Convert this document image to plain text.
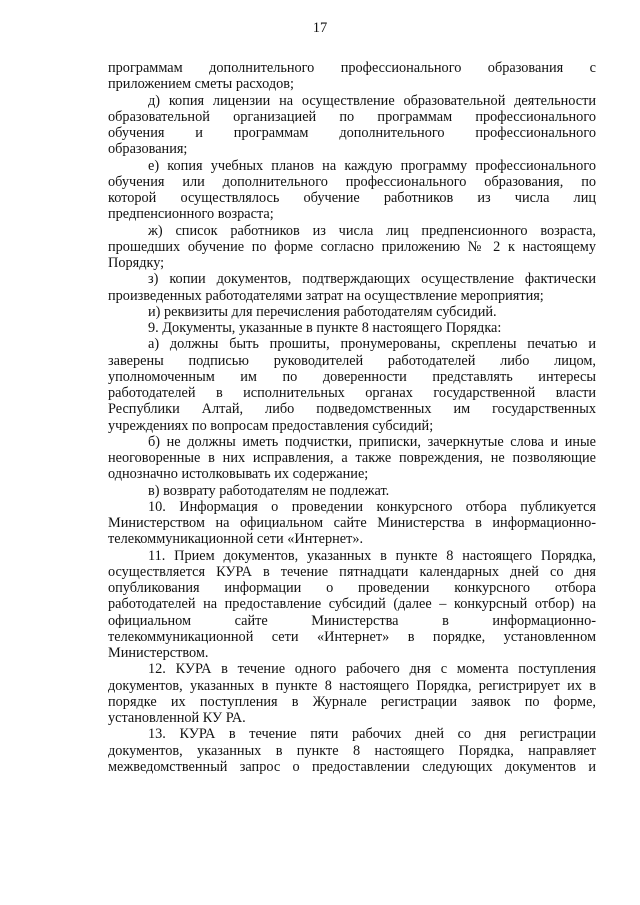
17
программам дополнительного профессионального образования с
приложением сметы расходов;
д) копия лицензии на осуществление образовательной деятельности
образовательной организацией по программам профессионального
обучения и программам дополнительного профессионального
образования;
е) копия учебных планов на каждую программу профессионального
обучения или дополнительного профессионального образования, по
которой осуществлялось обучение работников из числа лиц
предпенсионного возраста;
ж) список работников из числа лиц предпенсионного возраста,
прошедших обучение по форме согласно приложению № 2 к настоящему
Порядку;
з) копии документов, подтверждающих осуществление фактически
произведенных работодателями затрат на осуществление мероприятия;
и) реквизиты для перечисления работодателям субсидий.
9. Документы, указанные в пункте 8 настоящего Порядка:
а) должны быть прошиты, пронумерованы, скреплены печатью и
заверены подписью руководителей работодателей либо лицом,
уполномоченным им по доверенности представлять интересы
работодателей в исполнительных органах государственной власти
Республики Алтай, либо подведомственных им государственных
учреждениях по вопросам предоставления субсидий;
б) не должны иметь подчистки, приписки, зачеркнутые слова и иные
неоговоренные в них исправления, а также повреждения, не позволяющие
однозначно истолковывать их содержание;
в) возврату работодателям не подлежат.
10. Информация о проведении конкурсного отбора публикуется
Министерством на официальном сайте Министерства в информационно-
телекоммуникационной сети «Интернет».
11. Прием документов, указанных в пункте 8 настоящего Порядка,
осуществляется КУРА в течение пятнадцати календарных дней со дня
опубликования информации о проведении конкурсного отбора
работодателей на предоставление субсидий (далее – конкурсный отбор) на
официальном сайте Министерства в информационно-
телекоммуникационной сети «Интернет» в порядке, установленном
Министерством.
12. КУРА в течение одного рабочего дня с момента поступления
документов, указанных в пункте 8 настоящего Порядка, регистрирует их в
порядке их поступления в Журнале регистрации заявок по форме,
установленной КУ РА.
13. КУРА в течение пяти рабочих дней со дня регистрации
документов, указанных в пункте 8 настоящего Порядка, направляет
межведомственный запрос о предоставлении следующих документов и
